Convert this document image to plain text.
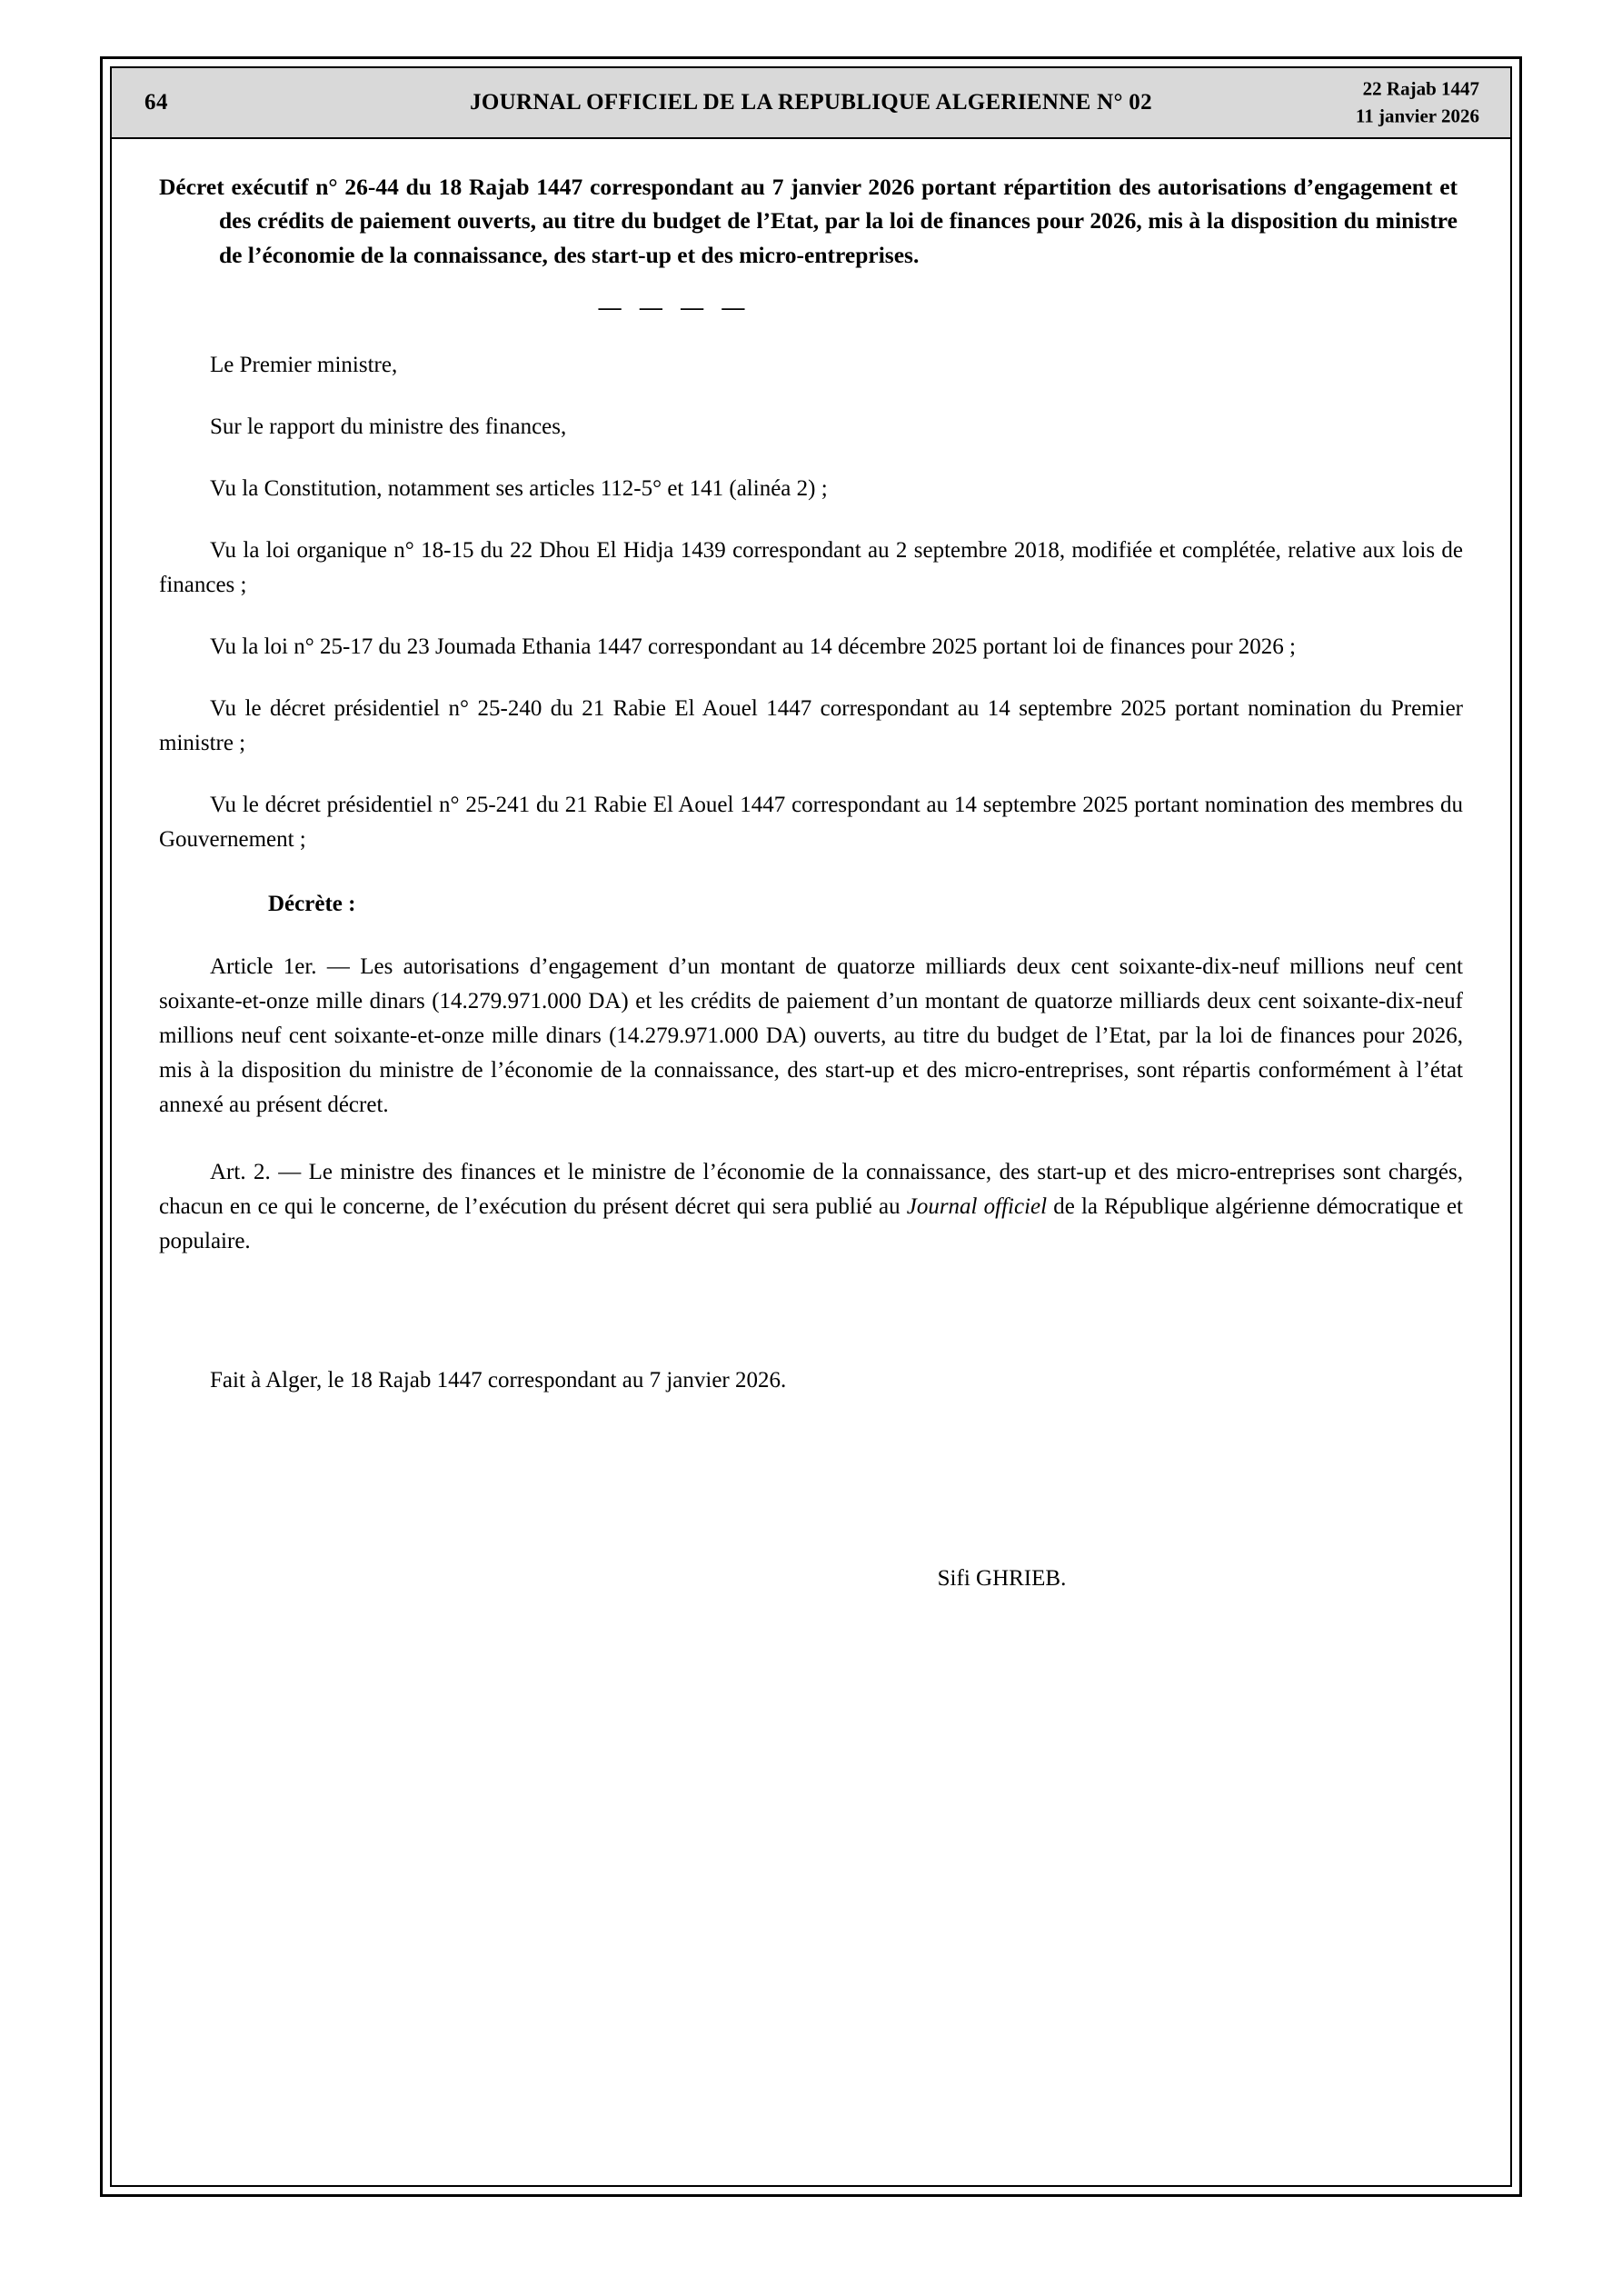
64	JOURNAL OFFICIEL DE LA REPUBLIQUE ALGERIENNE N° 02
22 Rajab 1447
11 janvier 2026
Décret exécutif n° 26-44 du 18 Rajab 1447 correspondant au 7 janvier 2026 portant répartition des autorisations d’engagement et des crédits de paiement ouverts, au titre du budget de l’Etat, par la loi de finances pour 2026, mis à la disposition du ministre de l’économie de la connaissance, des start-up et des micro-entreprises.
— — — —

Le Premier ministre,

Sur le rapport du ministre des finances,

Vu la Constitution, notamment ses articles 112-5° et 141 (alinéa 2) ;

Vu la loi organique n° 18-15 du 22 Dhou El Hidja 1439 correspondant au 2 septembre 2018, modifiée et complétée, relative aux lois de finances ;

Vu la loi n° 25-17 du 23 Joumada Ethania 1447 correspondant au 14 décembre 2025 portant loi de finances pour 2026 ;

Vu le décret présidentiel n° 25-240 du 21 Rabie El Aouel 1447 correspondant au 14 septembre 2025 portant nomination du Premier ministre ;

Vu le décret présidentiel n° 25-241 du 21 Rabie El Aouel 1447 correspondant au 14 septembre 2025 portant nomination des membres du Gouvernement ;

Décrète :

Article 1er. — Les autorisations d’engagement d’un montant de quatorze milliards deux cent soixante-dix-neuf millions neuf cent soixante-et-onze mille dinars (14.279.971.000 DA) et les crédits de paiement d’un montant de quatorze milliards deux cent soixante-dix-neuf millions neuf cent soixante-et-onze mille dinars (14.279.971.000 DA) ouverts, au titre du budget de l’Etat, par la loi de finances pour 2026, mis à la disposition du ministre de l’économie de la connaissance, des start-up et des micro-entreprises, sont répartis conformément à l’état annexé au présent décret.

Art. 2. — Le ministre des finances et le ministre de l’économie de la connaissance, des start-up et des micro-entreprises sont chargés, chacun en ce qui le concerne, de l’exécution du présent décret qui sera publié au Journal officiel de la République algérienne démocratique et populaire.

Fait à Alger, le 18 Rajab 1447 correspondant au 7 janvier 2026.
Sifi GHRIEB.
